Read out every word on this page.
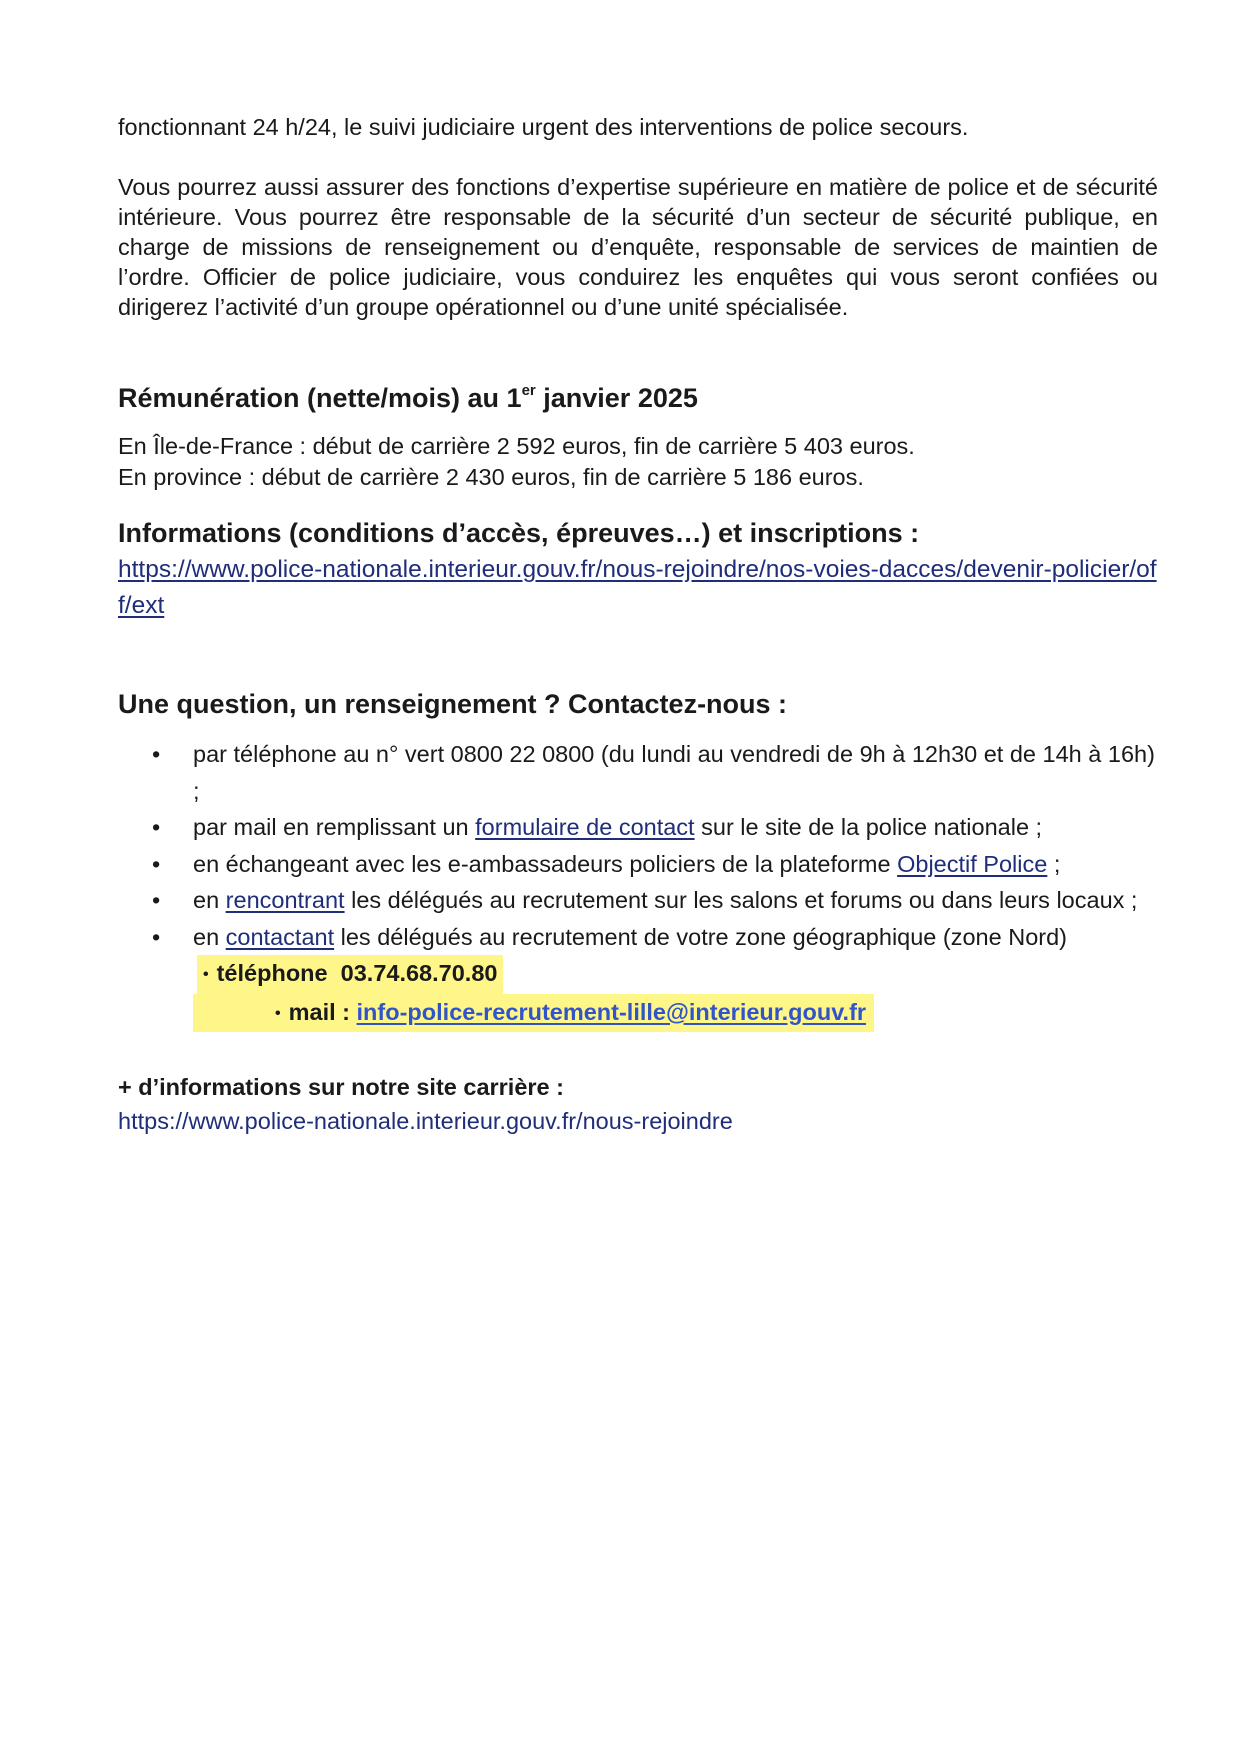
fonctionnant 24 h/24, le suivi judiciaire urgent des interventions de police secours.

Vous pourrez aussi assurer des fonctions d’expertise supérieure en matière de police et de sécurité intérieure. Vous pourrez être responsable de la sécurité d’un secteur de sécurité publique, en charge de missions de renseignement ou d’enquête, responsable de services de maintien de l’ordre. Officier de police judiciaire, vous conduirez les enquêtes qui vous seront confiées ou dirigerez l’activité d’un groupe opérationnel ou d’une unité spécialisée.

Rémunération (nette/mois) au 1er janvier 2025

En Île-de-France : début de carrière 2 592 euros, fin de carrière 5 403 euros.

En province : début de carrière 2 430 euros, fin de carrière 5 186 euros.

Informations (conditions d’accès, épreuves…) et inscriptions :

https://www.police-nationale.interieur.gouv.fr/nous-rejoindre/nos-voies-dacces/devenir-policier/off/ext

Une question, un renseignement ? Contactez-nous :
• par téléphone au n° vert 0800 22 0800 (du lundi au vendredi de 9h à 12h30 et de 14h à 16h) ;
• par mail en remplissant un formulaire de contact sur le site de la police nationale ;
• en échangeant avec les e-ambassadeurs policiers de la plateforme Objectif Police ;
• en rencontrant les délégués au recrutement sur les salons et forums ou dans leurs locaux ;
• en contactant les délégués au recrutement de votre zone géographique (zone Nord) • téléphone 03.74.68.70.80
• mail : info-police-recrutement-lille@interieur.gouv.fr

+ d’informations sur notre site carrière :

https://www.police-nationale.interieur.gouv.fr/nous-rejoindre
